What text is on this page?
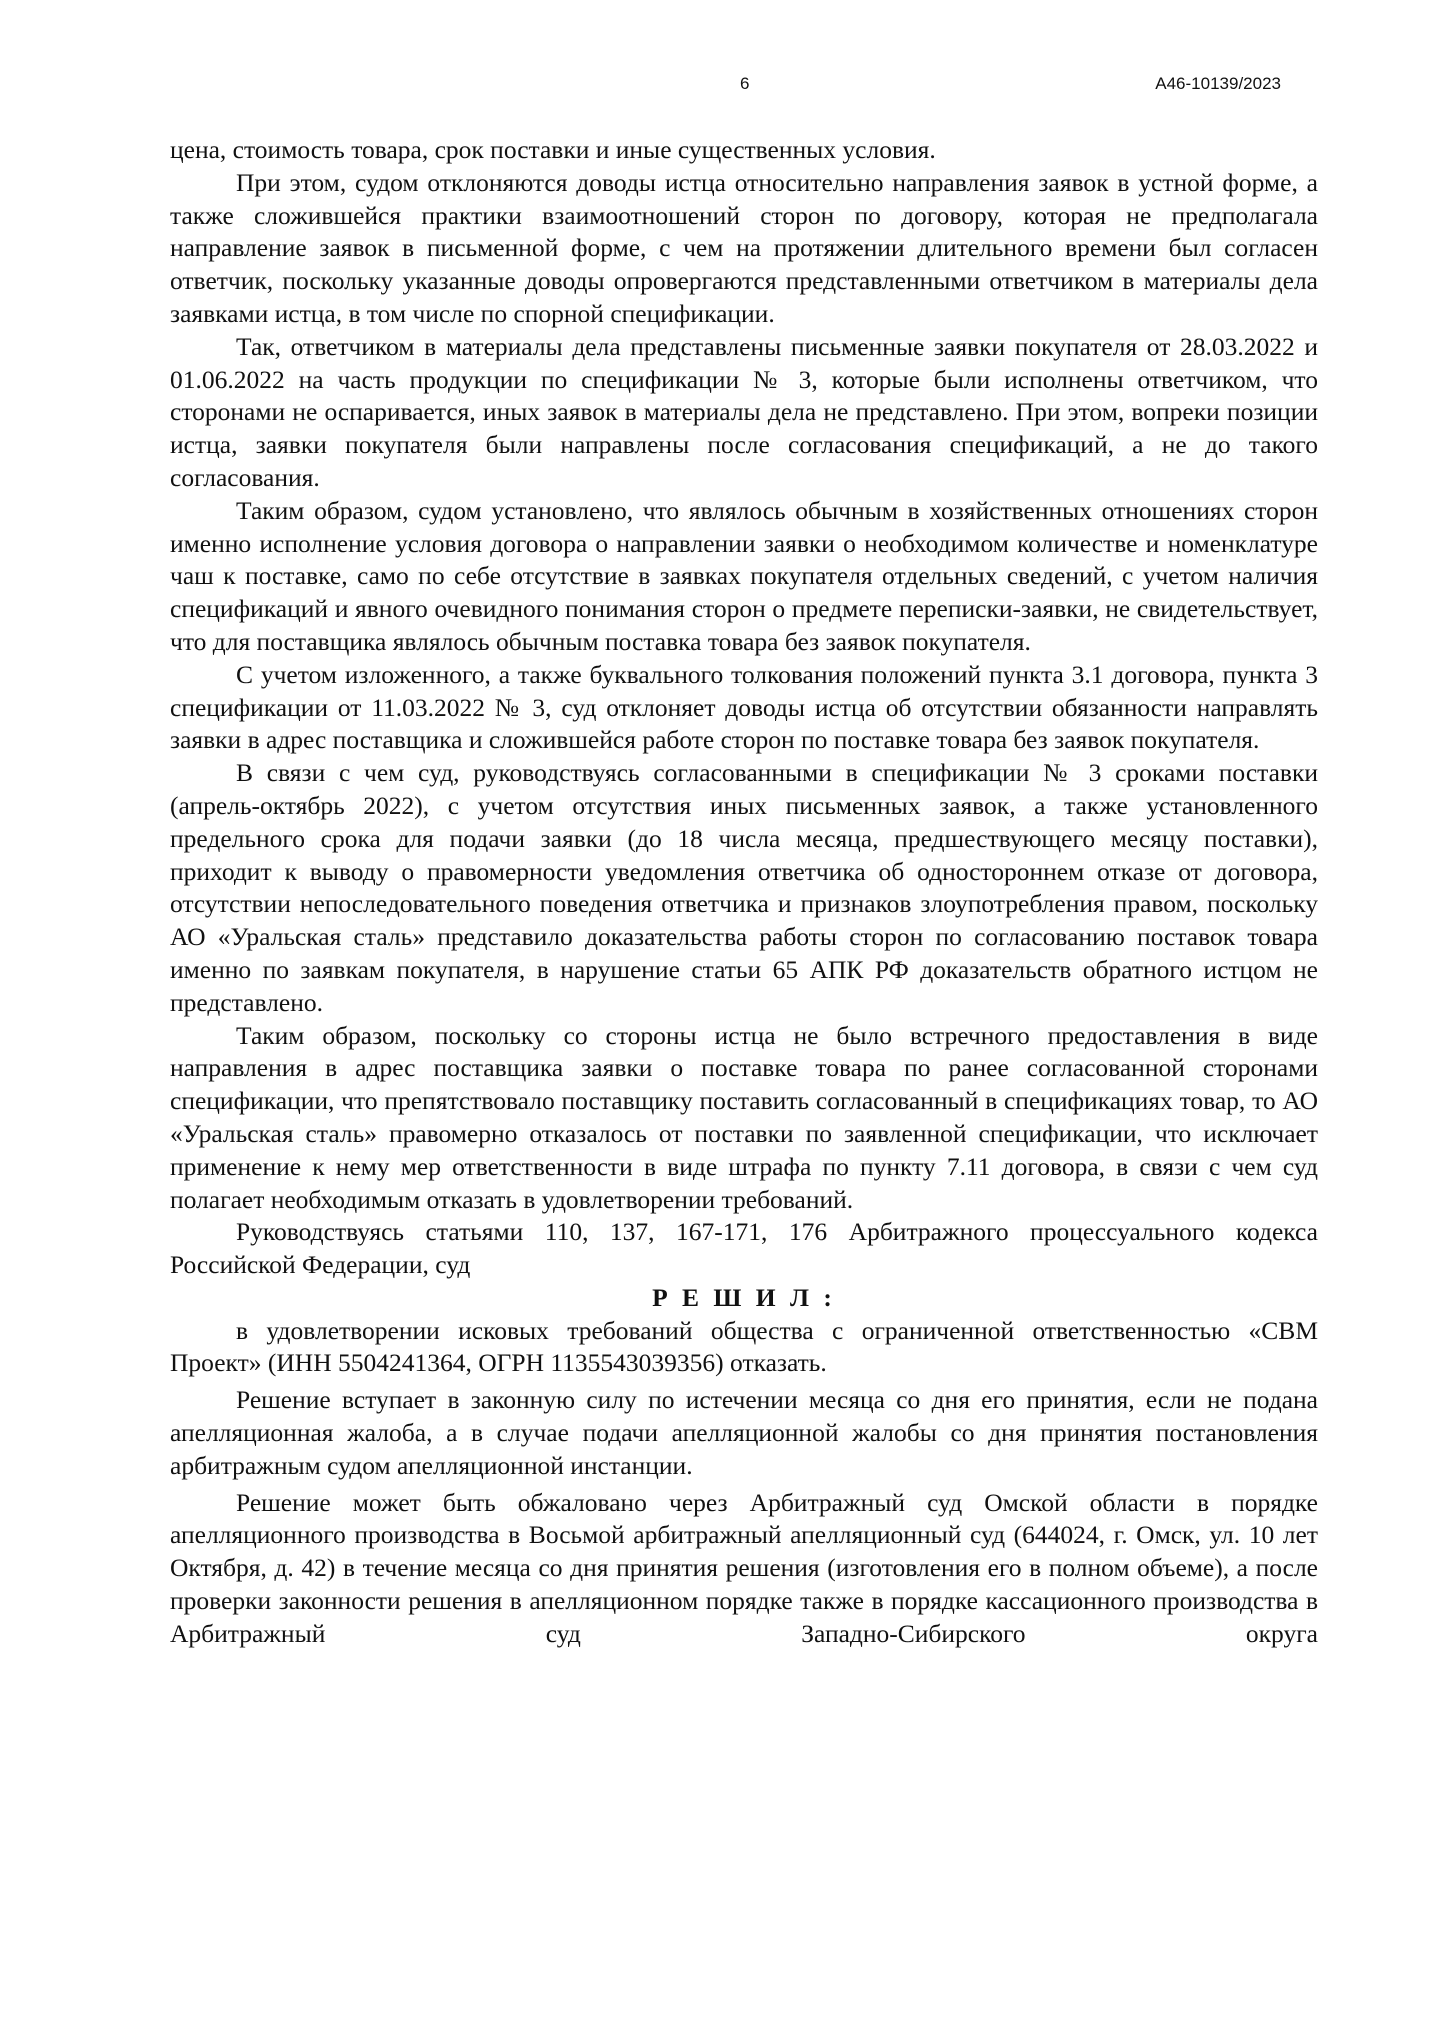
6	А46-10139/2023

цена, стоимость товара, срок поставки и иные существенных условия.

При этом, судом отклоняются доводы истца относительно направления заявок в устной форме, а также сложившейся практики взаимоотношений сторон по договору, которая не предполагала направление заявок в письменной форме, с чем на протяжении длительного времени был согласен ответчик, поскольку указанные доводы опровергаются представленными ответчиком в материалы дела заявками истца, в том числе по спорной спецификации.

Так, ответчиком в материалы дела представлены письменные заявки покупателя от 28.03.2022 и 01.06.2022 на часть продукции по спецификации № 3, которые были исполнены ответчиком, что сторонами не оспаривается, иных заявок в материалы дела не представлено. При этом, вопреки позиции истца, заявки покупателя были направлены после согласования спецификаций, а не до такого согласования.

Таким образом, судом установлено, что являлось обычным в хозяйственных отношениях сторон именно исполнение условия договора о направлении заявки о необходимом количестве и номенклатуре чаш к поставке, само по себе отсутствие в заявках покупателя отдельных сведений, с учетом наличия спецификаций и явного очевидного понимания сторон о предмете переписки-заявки, не свидетельствует, что для поставщика являлось обычным поставка товара без заявок покупателя.

С учетом изложенного, а также буквального толкования положений пункта 3.1 договора, пункта 3 спецификации от 11.03.2022 № 3, суд отклоняет доводы истца об отсутствии обязанности направлять заявки в адрес поставщика и сложившейся работе сторон по поставке товара без заявок покупателя.

В связи с чем суд, руководствуясь согласованными в спецификации № 3 сроками поставки (апрель-октябрь 2022), с учетом отсутствия иных письменных заявок, а также установленного предельного срока для подачи заявки (до 18 числа месяца, предшествующего месяцу поставки), приходит к выводу о правомерности уведомления ответчика об одностороннем отказе от договора, отсутствии непоследовательного поведения ответчика и признаков злоупотребления правом, поскольку АО «Уральская сталь» представило доказательства работы сторон по согласованию поставок товара именно по заявкам покупателя, в нарушение статьи 65 АПК РФ доказательств обратного истцом не представлено.

Таким образом, поскольку со стороны истца не было встречного предоставления в виде направления в адрес поставщика заявки о поставке товара по ранее согласованной сторонами спецификации, что препятствовало поставщику поставить согласованный в спецификациях товар, то АО «Уральская сталь» правомерно отказалось от поставки по заявленной спецификации, что исключает применение к нему мер ответственности в виде штрафа по пункту 7.11 договора, в связи с чем суд полагает необходимым отказать в удовлетворении требований.

Руководствуясь статьями 110, 137, 167-171, 176 Арбитражного процессуального кодекса Российской Федерации, суд

Р Е Ш И Л :

в удовлетворении исковых требований общества с ограниченной ответственностью «СВМ Проект» (ИНН 5504241364, ОГРН 1135543039356) отказать.

Решение вступает в законную силу по истечении месяца со дня его принятия, если не подана апелляционная жалоба, а в случае подачи апелляционной жалобы со дня принятия постановления арбитражным судом апелляционной инстанции.

Решение может быть обжаловано через Арбитражный суд Омской области в порядке апелляционного производства в Восьмой арбитражный апелляционный суд (644024, г. Омск, ул. 10 лет Октября, д. 42) в течение месяца со дня принятия решения (изготовления его в полном объеме), а после проверки законности решения в апелляционном порядке также в порядке кассационного производства в Арбитражный суд Западно-Сибирского округа
